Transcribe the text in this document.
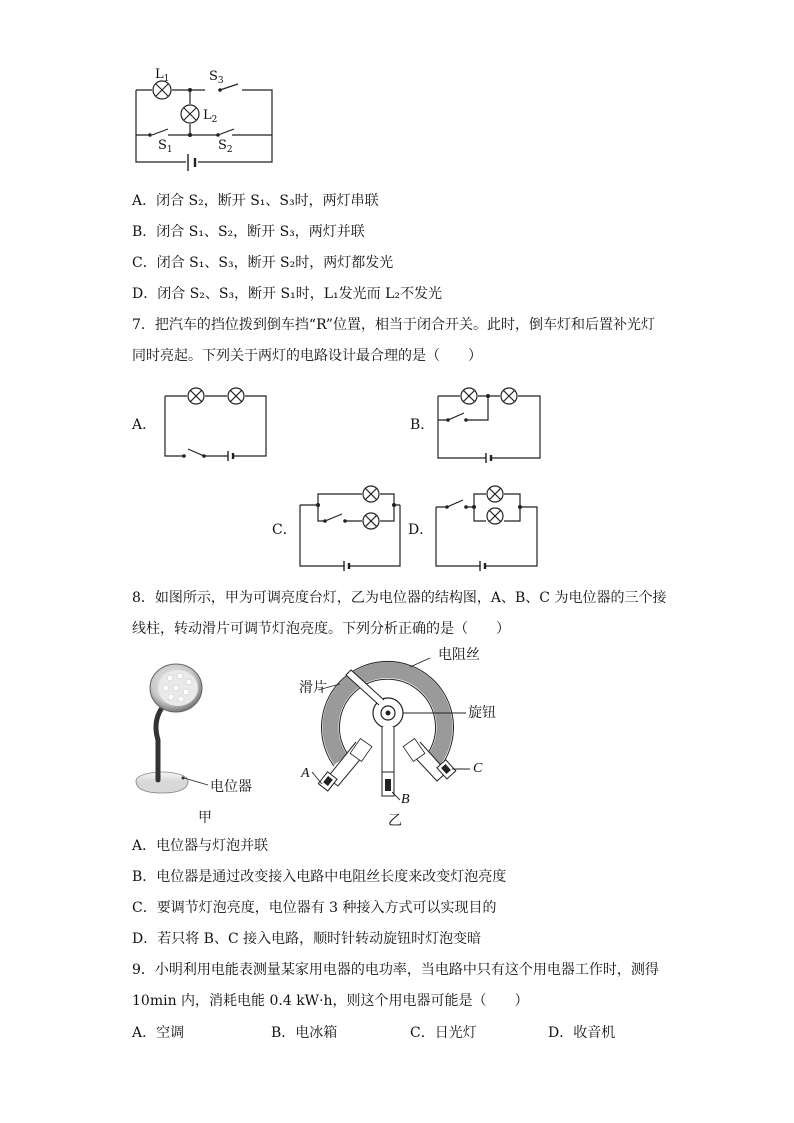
$L_1$	$S_3$
$L_2$
$S_1$	$S_2$
A．闭合 S₂，断开 S₁、S₃时，两灯串联
B．闭合 S₁、S₂，断开 S₃，两灯并联
C．闭合 S₁、S₃，断开 S₂时，两灯都发光
D．闭合 S₂、S₃，断开 S₁时，L₁发光而 L₂不发光
7．把汽车的挡位拨到倒车挡“R”位置，相当于闭合开关。此时，倒车灯和后置补光灯
同时亮起。下列关于两灯的电路设计最合理的是（　　）
A．	B．
C．	D．
8．如图所示，甲为可调亮度台灯，乙为电位器的结构图，A、B、C 为电位器的三个接
线柱，转动滑片可调节灯泡亮度。下列分析正确的是（　　）
电位器
甲	乙
电阻丝
滑片
旋钮
A
B
C
A．电位器与灯泡并联
B．电位器是通过改变接入电路中电阻丝长度来改变灯泡亮度
C．要调节灯泡亮度，电位器有 3 种接入方式可以实现目的
D．若只将 B、C 接入电路，顺时针转动旋钮时灯泡变暗
9．小明利用电能表测量某家用电器的电功率，当电路中只有这个用电器工作时，测得
10min 内，消耗电能 0.4 kW·h，则这个用电器可能是（　　）
A．空调	B．电冰箱	C．日光灯	D．收音机
